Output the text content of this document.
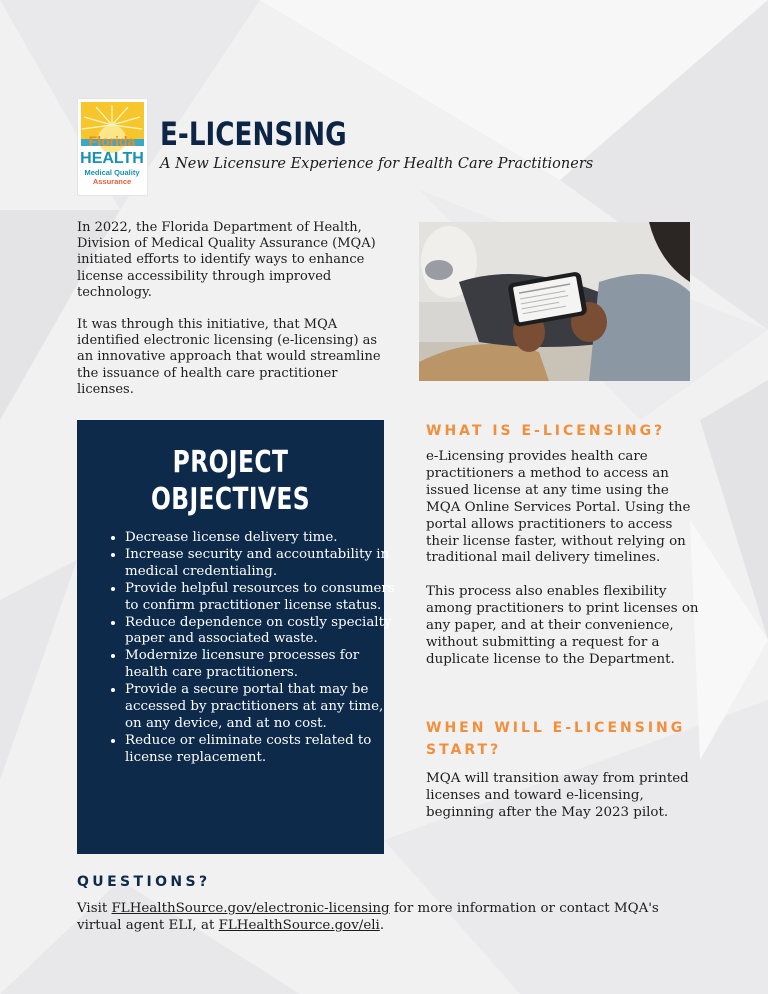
Florida
HEALTH
Medical Quality
Assurance
E-LICENSING
A New Licensure Experience for Health Care Practitioners

In 2022, the Florida Department of Health, Division of Medical Quality Assurance (MQA) initiated efforts to identify ways to enhance license accessibility through improved technology.

It was through this initiative, that MQA identified electronic licensing (e-licensing) as an innovative approach that would streamline the issuance of health care practitioner licenses.

PROJECT
OBJECTIVES
• Decrease license delivery time.
• Increase security and accountability in medical credentialing.
• Provide helpful resources to consumers to confirm practitioner license status.
• Reduce dependence on costly specialty paper and associated waste.
• Modernize licensure processes for health care practitioners.
• Provide a secure portal that may be accessed by practitioners at any time, on any device, and at no cost.
• Reduce or eliminate costs related to license replacement.
WHAT IS E-LICENSING?

e-Licensing provides health care practitioners a method to access an issued license at any time using the MQA Online Services Portal. Using the portal allows practitioners to access their license faster, without relying on traditional mail delivery timelines.

This process also enables flexibility among practitioners to print licenses on any paper, and at their convenience, without submitting a request for a duplicate license to the Department.

WHEN WILL E-LICENSING START?

MQA will transition away from printed licenses and toward e-licensing, beginning after the May 2023 pilot.

QUESTIONS?
Visit FLHealthSource.gov/electronic-licensing for more information or contact MQA's virtual agent ELI, at FLHealthSource.gov/eli.
